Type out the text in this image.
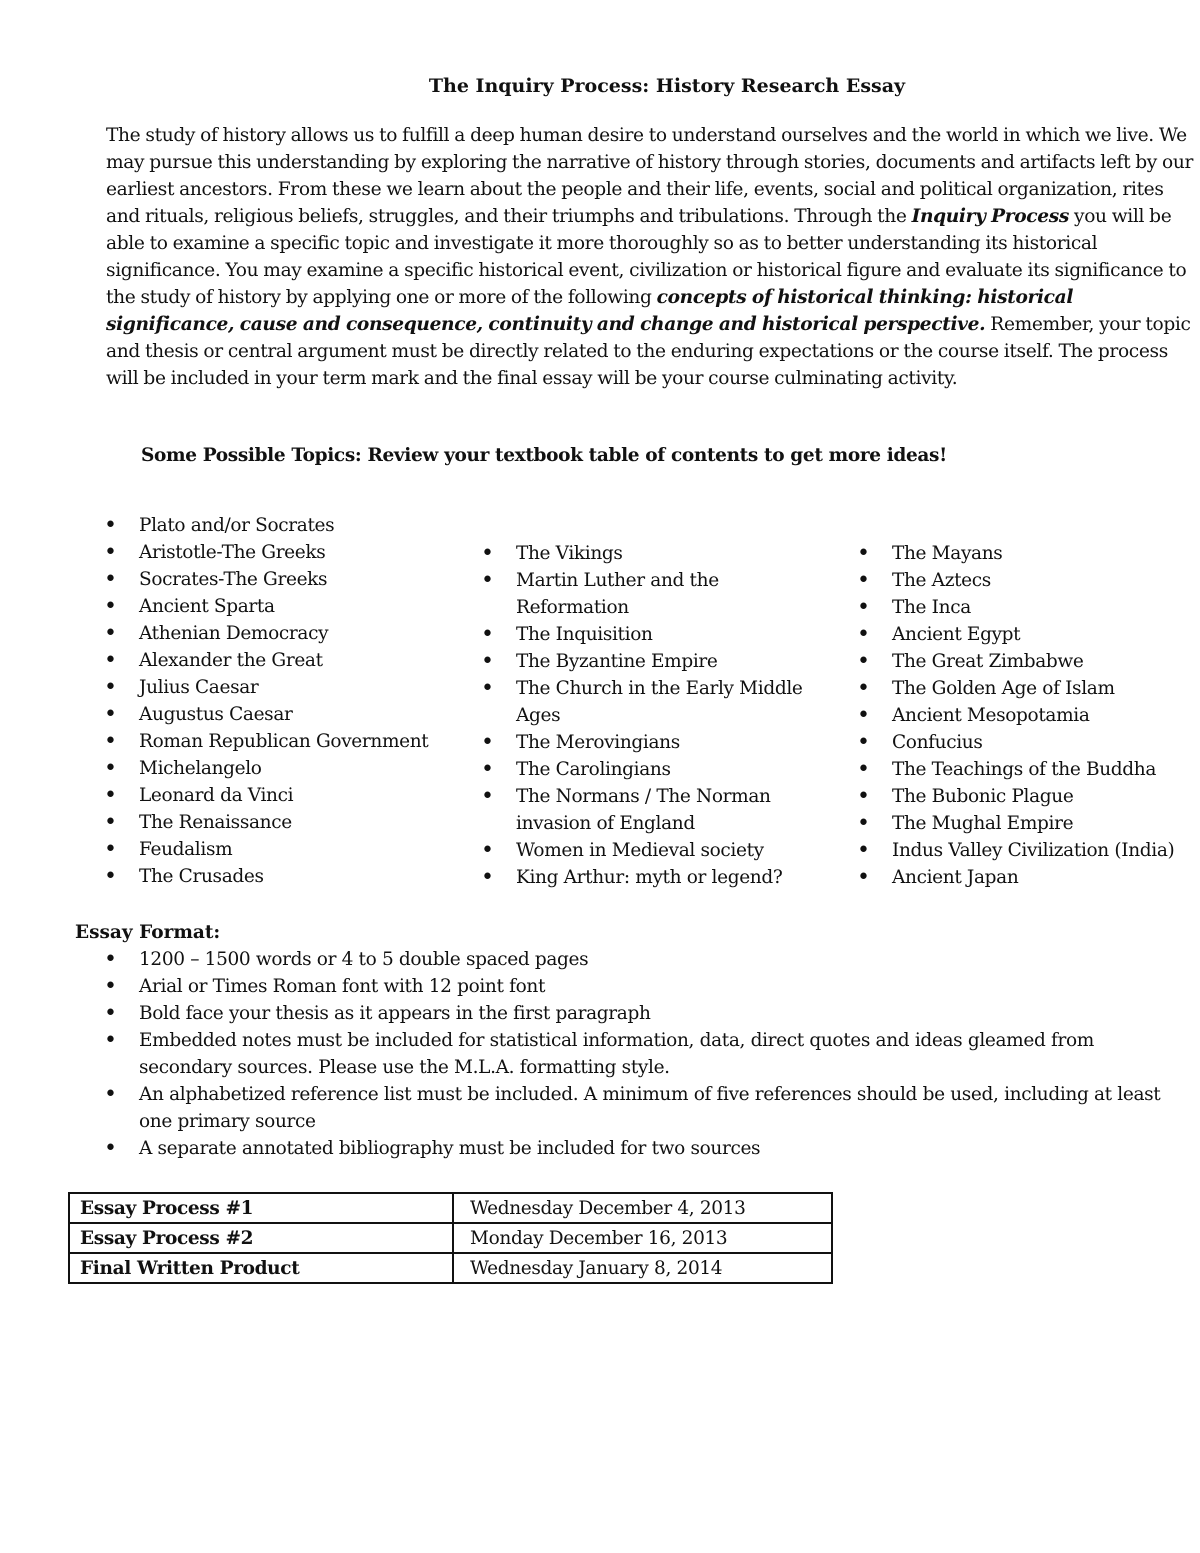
The Inquiry Process: History Research Essay
The study of history allows us to fulfill a deep human desire to understand ourselves and the world in which we live. We may pursue this understanding by exploring the narrative of history through stories, documents and artifacts left by our earliest ancestors. From these we learn about the people and their life, events, social and political organization, rites and rituals, religious beliefs, struggles, and their triumphs and tribulations. Through the Inquiry Process you will be able to examine a specific topic and investigate it more thoroughly so as to better understanding its historical significance. You may examine a specific historical event, civilization or historical figure and evaluate its significance to the study of history by applying one or more of the following concepts of historical thinking: historical significance, cause and consequence, continuity and change and historical perspective. Remember, your topic and thesis or central argument must be directly related to the enduring expectations or the course itself. The process will be included in your term mark and the final essay will be your course culminating activity.
Some Possible Topics: Review your textbook table of contents to get more ideas!
• Plato and/or Socrates
• Aristotle-The Greeks
• Socrates-The Greeks
• Ancient Sparta
• Athenian Democracy
• Alexander the Great
• Julius Caesar
• Augustus Caesar
• Roman Republican Government
• Michelangelo
• Leonard da Vinci
• The Renaissance
• Feudalism
• The Crusades
• The Vikings
• Martin Luther and the Reformation
• The Inquisition
• The Byzantine Empire
• The Church in the Early Middle Ages
• The Merovingians
• The Carolingians
• The Normans / The Norman invasion of England
• Women in Medieval society
• King Arthur: myth or legend?
• The Mayans
• The Aztecs
• The Inca
• Ancient Egypt
• The Great Zimbabwe
• The Golden Age of Islam
• Ancient Mesopotamia
• Confucius
• The Teachings of the Buddha
• The Bubonic Plague
• The Mughal Empire
• Indus Valley Civilization (India)
• Ancient Japan
Essay Format:
• 1200 – 1500 words or 4 to 5 double spaced pages
• Arial or Times Roman font with 12 point font
• Bold face your thesis as it appears in the first paragraph
• Embedded notes must be included for statistical information, data, direct quotes and ideas gleamed from secondary sources. Please use the M.L.A. formatting style.
• An alphabetized reference list must be included. A minimum of five references should be used, including at least one primary source
• A separate annotated bibliography must be included for two sources
Essay Process #1	Wednesday December 4, 2013
Essay Process #2	Monday December 16, 2013
Final Written Product	Wednesday January 8, 2014
